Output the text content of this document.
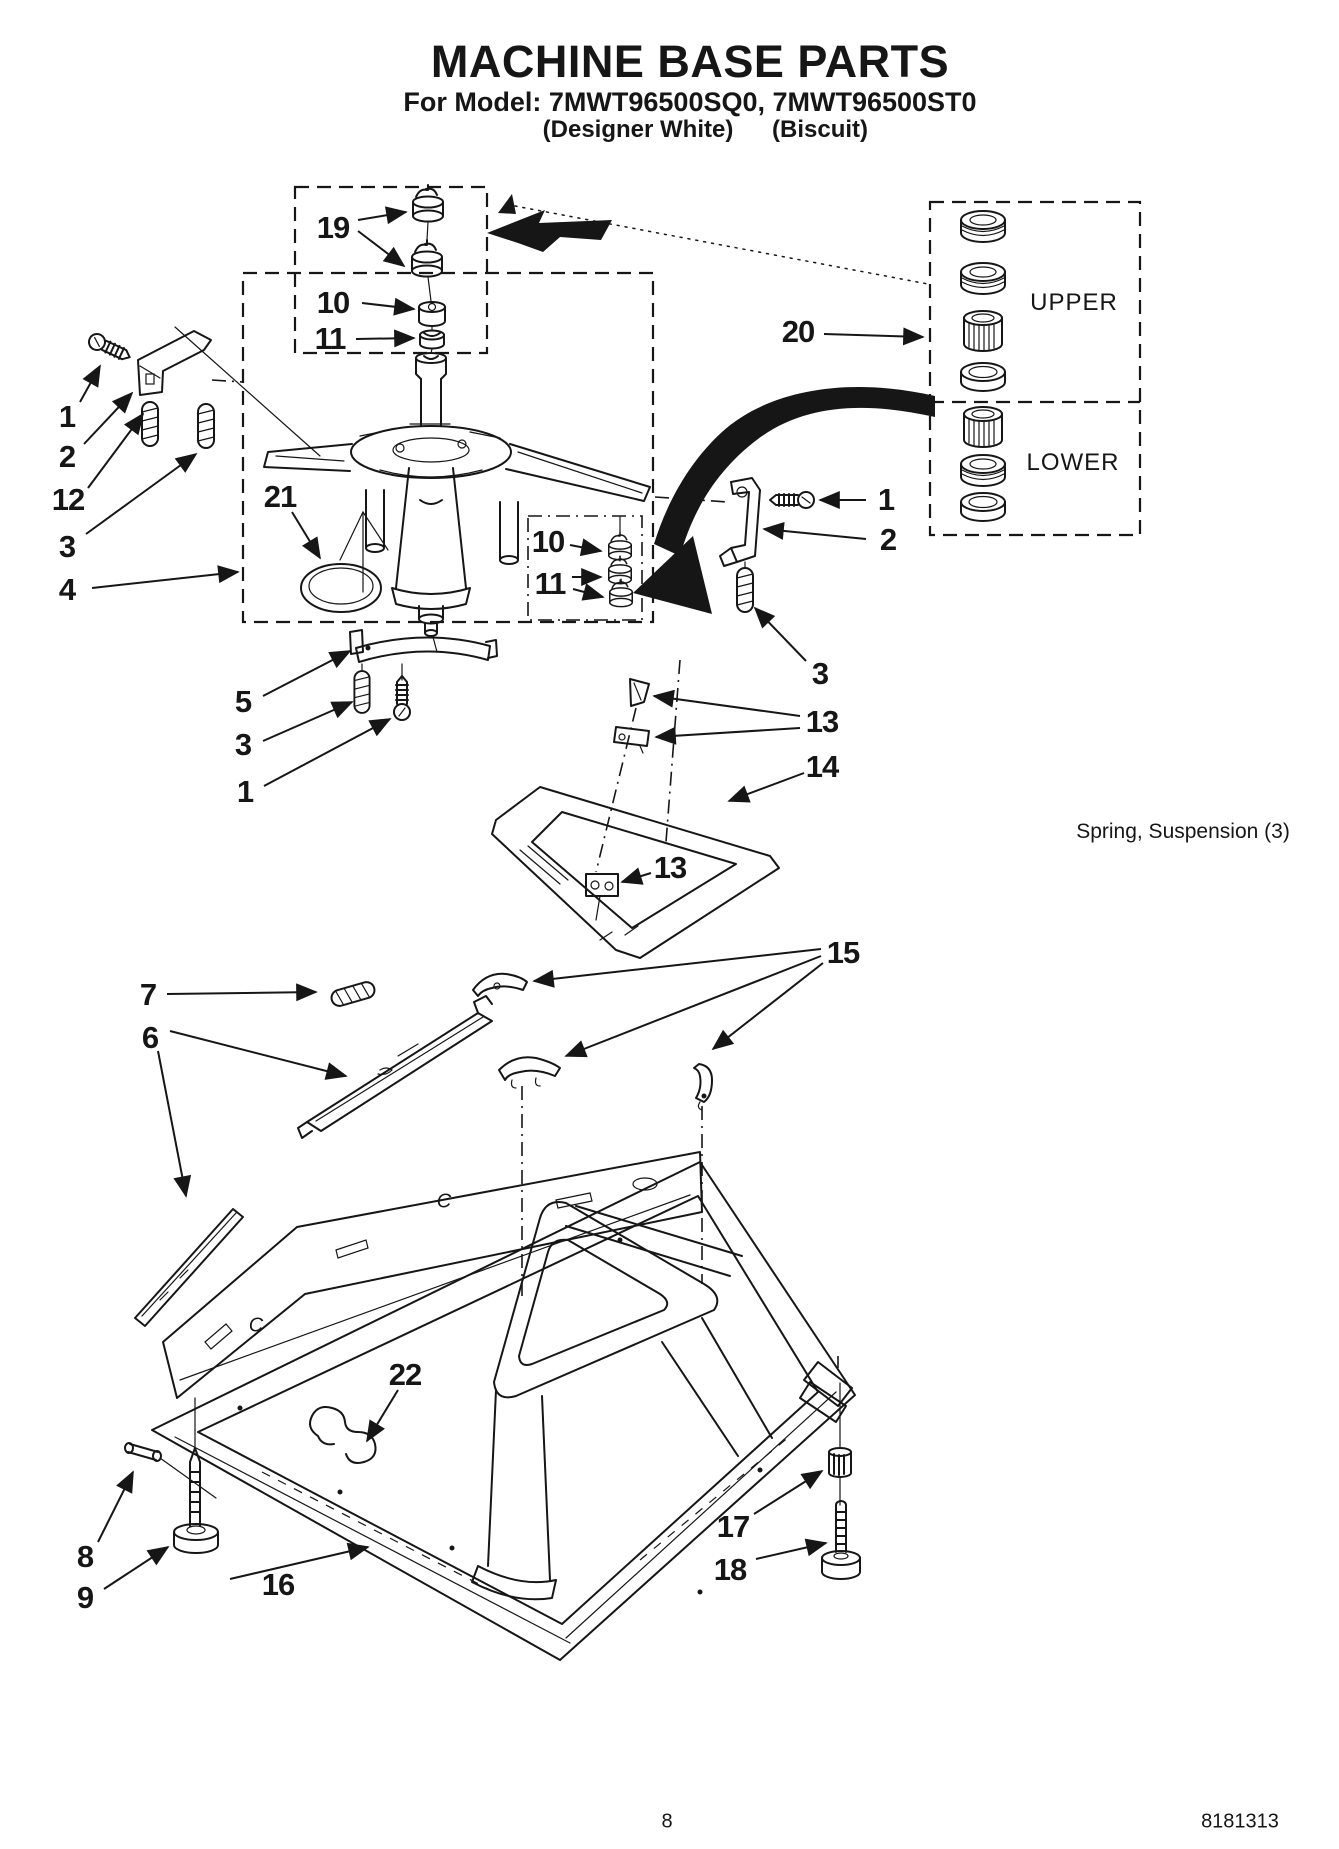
MACHINE BASE PARTS
For Model: 7MWT96500SQ0, 7MWT96500ST0
(Designer White) (Biscuit)
UPPER
LOWER
Spring, Suspension (3)
8	8181313
19
10
11
1
2
12
3
4
21
10
11
20
1
2
3
5
3
1
13
14
13
15
7
6
22
8
9	16
17
18
C
C
